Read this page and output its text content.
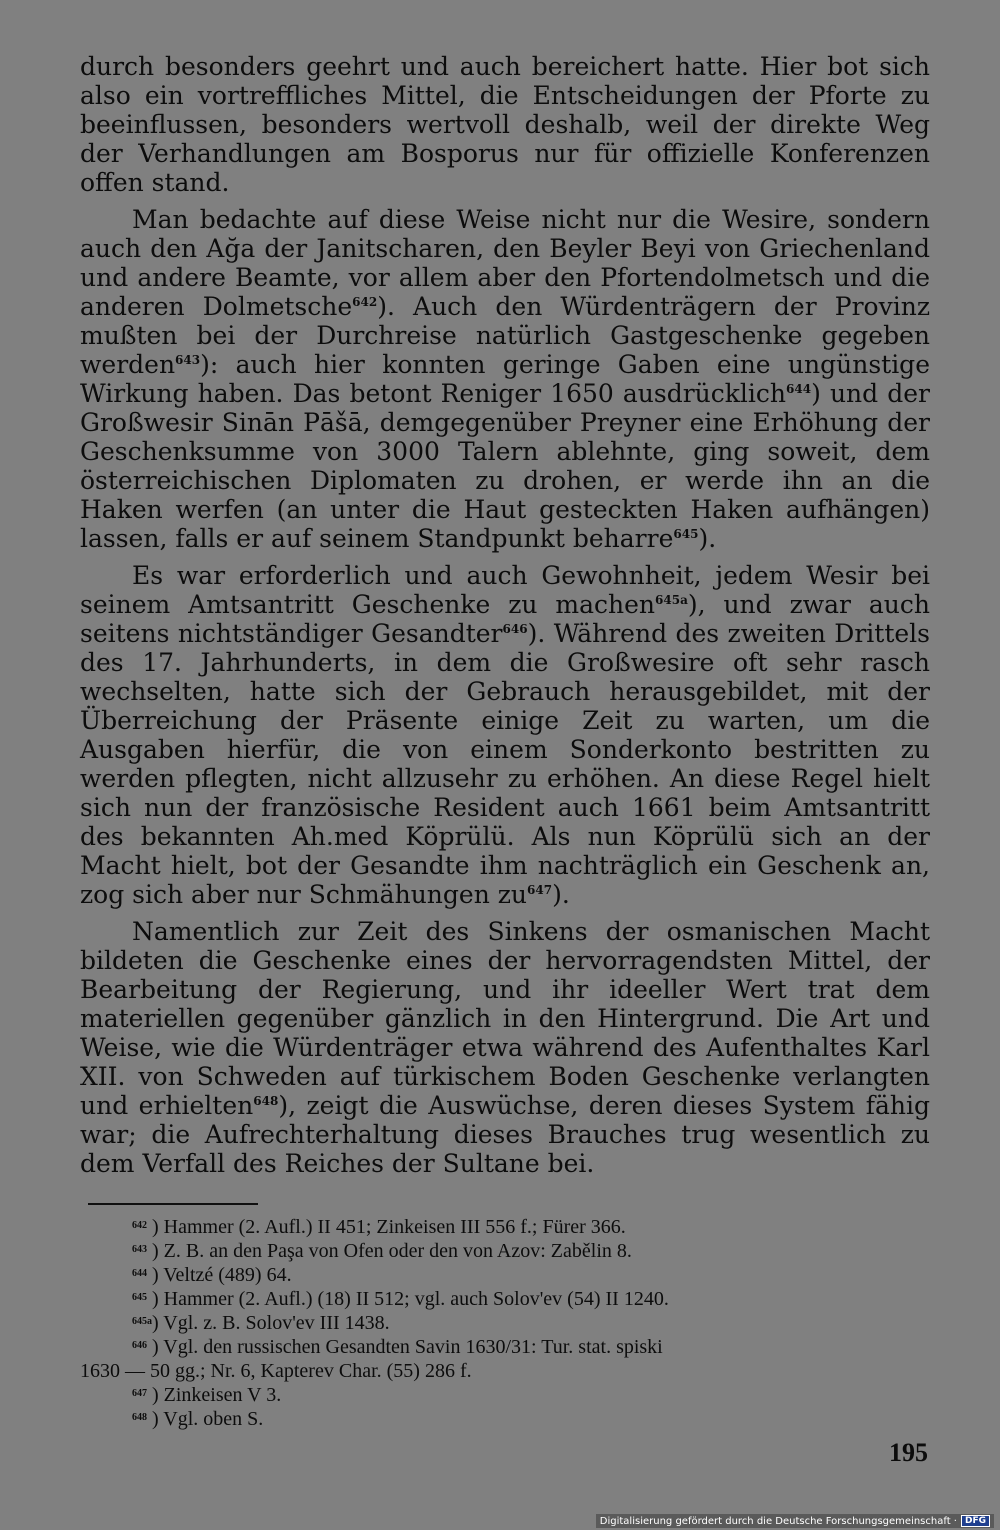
durch besonders geehrt und auch bereichert hatte. Hier bot sich also ein vortreffliches Mittel, die Entscheidungen der Pforte zu beeinflussen, besonders wertvoll deshalb, weil der direkte Weg der Verhandlungen am Bosporus nur für offizielle Konferenzen offen stand.

Man bedachte auf diese Weise nicht nur die Wesire, sondern auch den Ağa der Janitscharen, den Beyler Beyi von Griechenland und andere Beamte, vor allem aber den Pfortendolmetsch und die anderen Dolmetsche$^{642}$). Auch den Würdenträgern der Provinz mußten bei der Durchreise natürlich Gastgeschenke gegeben werden$^{643}$): auch hier konnten geringe Gaben eine ungünstige Wirkung haben. Das betont Reniger 1650 ausdrücklich$^{644}$) und der Großwesir Sinān Pāšā, demgegenüber Preyner eine Erhöhung der Geschenksumme von 3000 Talern ablehnte, ging soweit, dem österreichischen Diplomaten zu drohen, er werde ihn an die Haken werfen (an unter die Haut gesteckten Haken aufhängen) lassen, falls er auf seinem Standpunkt beharre$^{645}$).

Es war erforderlich und auch Gewohnheit, jedem Wesir bei seinem Amtsantritt Geschenke zu machen$^{645a}$), und zwar auch seitens nichtständiger Gesandter$^{646}$). Während des zweiten Drittels des 17. Jahrhunderts, in dem die Großwesire oft sehr rasch wechselten, hatte sich der Gebrauch herausgebildet, mit der Überreichung der Präsente einige Zeit zu warten, um die Ausgaben hierfür, die von einem Sonderkonto bestritten zu werden pflegten, nicht allzusehr zu erhöhen. An diese Regel hielt sich nun der französische Resident auch 1661 beim Amtsantritt des bekannten Ah.med Köprülü. Als nun Köprülü sich an der Macht hielt, bot der Gesandte ihm nachträglich ein Geschenk an, zog sich aber nur Schmähungen $zu^{647}$).

Namentlich zur Zeit des Sinkens der osmanischen Macht bildeten die Geschenke eines der hervorragendsten Mittel, der Bearbeitung der Regierung, und ihr ideeller Wert trat dem materiellen gegenüber gänzlich in den Hintergrund. Die Art und Weise, wie die Würdenträger etwa während des Aufenthaltes Karl XII. von Schweden auf türkischem Boden Geschenke verlangten und erhielten$^{648}$), zeigt die Auswüchse, deren dieses System fähig war; die Aufrechterhaltung dieses Brauches trug wesentlich zu dem Verfall des Reiches der Sultane bei.

642 ) Hammer (2. Aufl.) II 451; Zinkeisen III 556 f.; Fürer 366.
643 ) Z. B. an den Paşa von Ofen oder den von Azov: Zabělin 8.
644 ) Veltzé (489) 64.
645 ) Hammer (2. Aufl.) (18) II 512; vgl. auch Solov'ev (54) II 1240.
645a ) Vgl. z. B. Solov'ev III 1438.
646 ) Vgl. den russischen Gesandten Savin 1630/31: Tur. stat. spiski
1630 — 50 gg.; Nr. 6, Kapterev Char. (55) 286 f.
647 ) Zinkeisen V 3.
648 ) Vgl. oben S.
195
Digitalisierung gefördert durch die Deutsche Forschungsgemeinschaft · DFG
